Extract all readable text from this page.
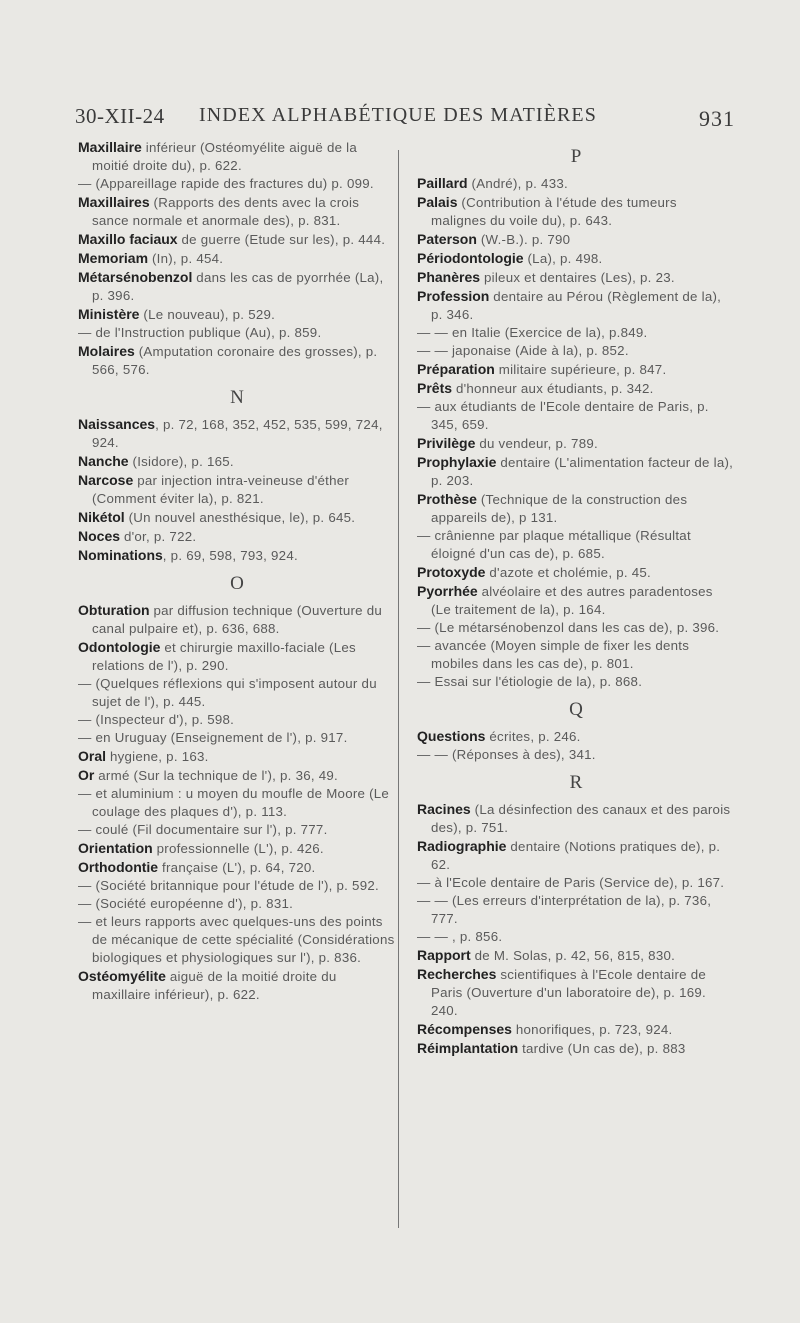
30-XII-24 INDEX ALPHABÉTIQUE DES MATIÈRES	931
Maxillaire inférieur (Ostéomyélite aiguë de la moitié droite du), p. 622.
— (Appareillage rapide des fractures du) p. 099.
Maxillaires (Rapports des dents avec la crois sance normale et anormale des), p. 831.
Maxillo faciaux de guerre (Etude sur les), p. 444.
Memoriam (In), p. 454.
Métarsénobenzol dans les cas de pyorrhée (La), p. 396.
Ministère (Le nouveau), p. 529.
— de l'Instruction publique (Au), p. 859.
Molaires (Amputation coronaire des grosses), p. 566, 576.
N
Naissances, p. 72, 168, 352, 452, 535, 599, 724, 924.
Nanche (Isidore), p. 165.
Narcose par injection intra-veineuse d'éther (Comment éviter la), p. 821.
Nikétol (Un nouvel anesthésique, le), p. 645.
Noces d'or, p. 722.
Nominations, p. 69, 598, 793, 924.
O
Obturation par diffusion technique (Ouverture du canal pulpaire et), p. 636, 688.
Odontologie et chirurgie maxillo-faciale (Les relations de l'), p. 290.
— (Quelques réflexions qui s'imposent autour du sujet de l'), p. 445.
— (Inspecteur d'), p. 598.
— en Uruguay (Enseignement de l'), p. 917.
Oral hygiene, p. 163.
Or armé (Sur la technique de l'), p. 36, 49.
— et aluminium : u moyen du moufle de Moore (Le coulage des plaques d'), p. 113.
— coulé (Fil documentaire sur l'), p. 777.
Orientation professionnelle (L'), p. 426.
Orthodontie française (L'), p. 64, 720.
— (Société britannique pour l'étude de l'), p. 592.
— (Société européenne d'), p. 831.
— et leurs rapports avec quelques-uns des points de mécanique de cette spécialité (Considérations biologiques et physiologiques sur l'), p. 836.
Ostéomyélite aiguë de la moitié droite du maxillaire inférieur), p. 622.
P
Paillard (André), p. 433.
Palais (Contribution à l'étude des tumeurs malignes du voile du), p. 643.
Paterson (W.-B.). p. 790
Périodontologie (La), p. 498.
Phanères pileux et dentaires (Les), p. 23.
Profession dentaire au Pérou (Règlement de la), p. 346.
— — en Italie (Exercice de la), p.849.
— — japonaise (Aide à la), p. 852.
Préparation militaire supérieure, p. 847.
Prêts d'honneur aux étudiants, p. 342.
— aux étudiants de l'Ecole dentaire de Paris, p. 345, 659.
Privilège du vendeur, p. 789.
Prophylaxie dentaire (L'alimentation facteur de la), p. 203.
Prothèse (Technique de la construction des appareils de), p 131.
— crânienne par plaque métallique (Résultat éloigné d'un cas de), p. 685.
Protoxyde d'azote et cholémie, p. 45.
Pyorrhée alvéolaire et des autres paradentoses (Le traitement de la), p. 164.
— (Le métarsénobenzol dans les cas de), p. 396.
— avancée (Moyen simple de fixer les dents mobiles dans les cas de), p. 801.
— Essai sur l'étiologie de la), p. 868.
Q
Questions écrites, p. 246.
— — (Réponses à des), 341.
R
Racines (La désinfection des canaux et des parois des), p. 751.
Radiographie dentaire (Notions pratiques de), p. 62.
— à l'Ecole dentaire de Paris (Service de), p. 167.
— — (Les erreurs d'interprétation de la), p. 736, 777.
— — , p. 856.
Rapport de M. Solas, p. 42, 56, 815, 830.
Recherches scientifiques à l'Ecole dentaire de Paris (Ouverture d'un laboratoire de), p. 169. 240.
Récompenses honorifiques, p. 723, 924.
Réimplantation tardive (Un cas de), p. 883
